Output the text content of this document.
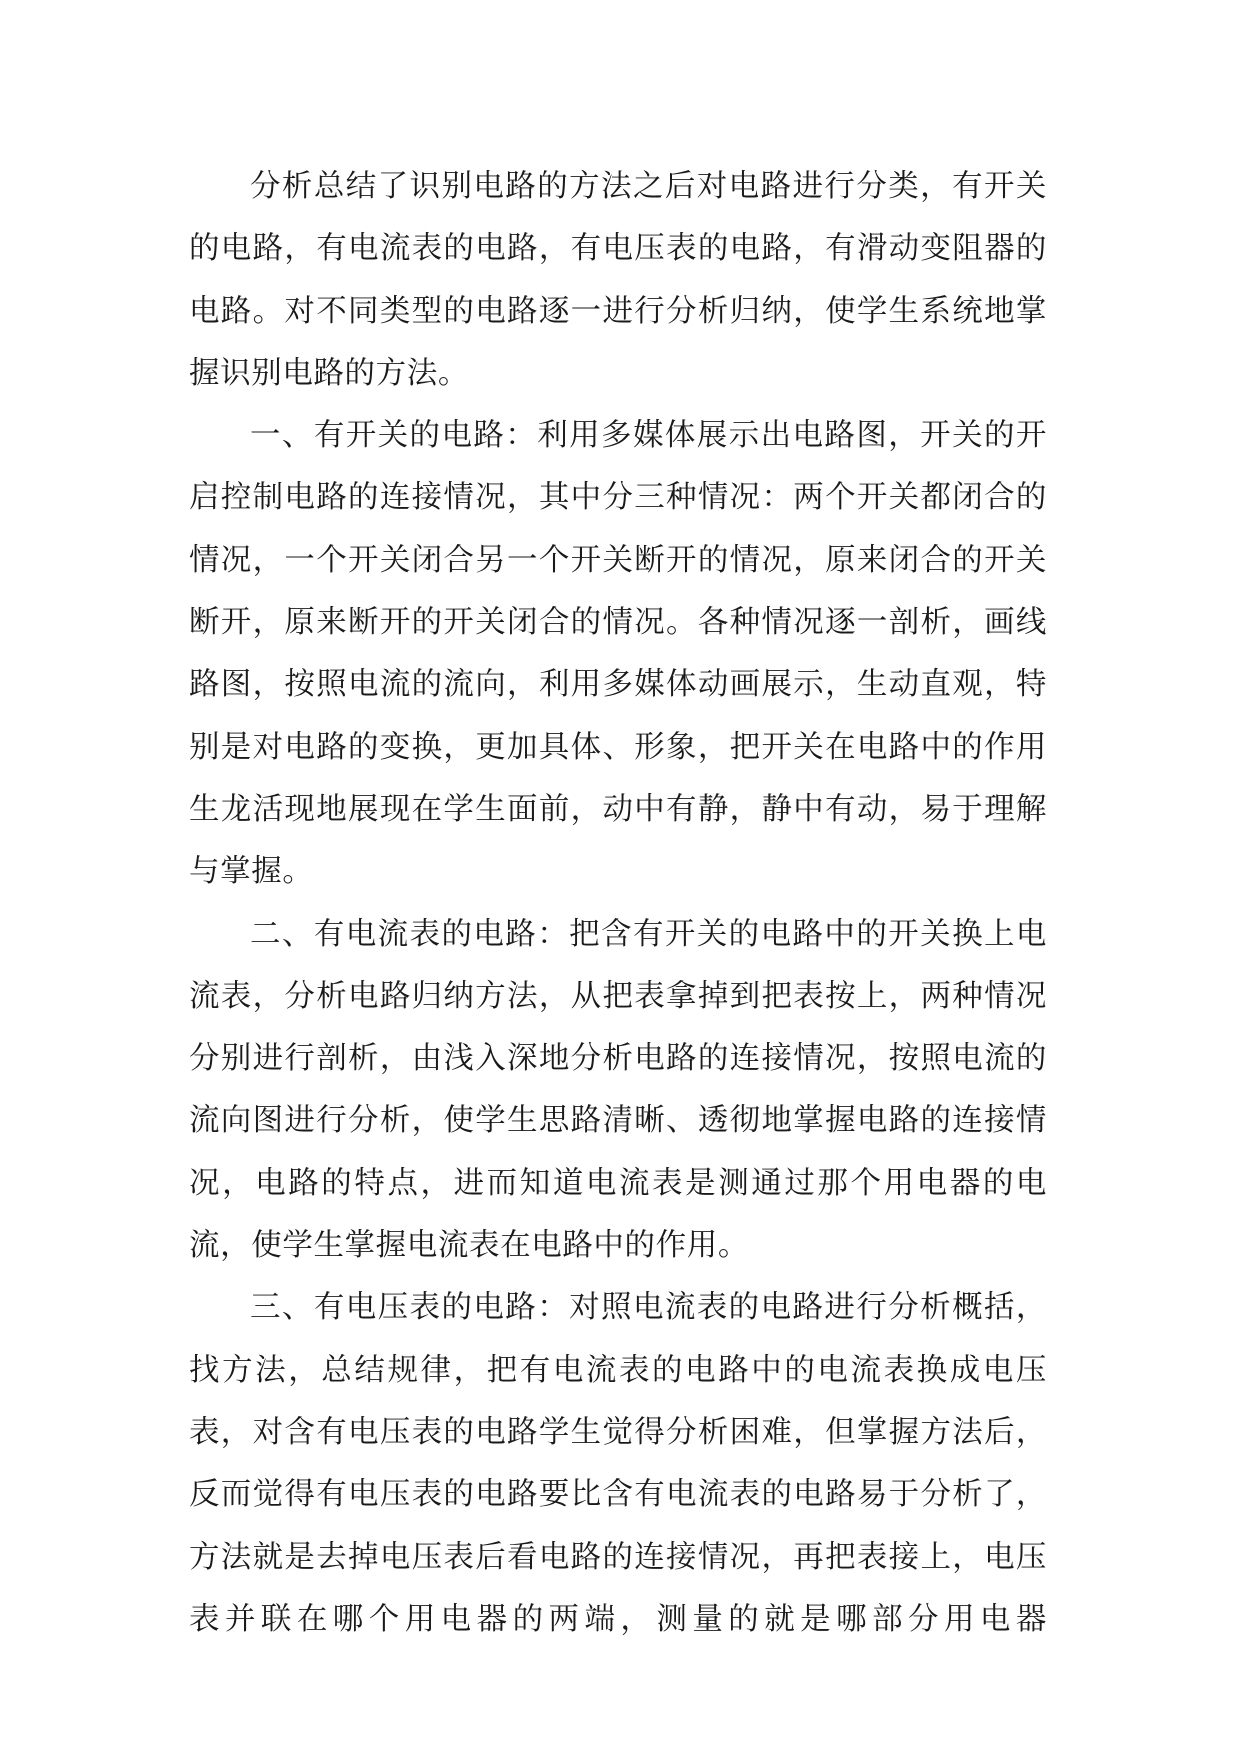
分析总结了识别电路的方法之后对电路进行分类，有开关的电路，有电流表的电路，有电压表的电路，有滑动变阻器的电路。对不同类型的电路逐一进行分析归纳，使学生系统地掌握识别电路的方法。

一、有开关的电路：利用多媒体展示出电路图，开关的开启控制电路的连接情况，其中分三种情况：两个开关都闭合的情况，一个开关闭合另一个开关断开的情况，原来闭合的开关断开，原来断开的开关闭合的情况。各种情况逐一剖析，画线路图，按照电流的流向，利用多媒体动画展示，生动直观，特别是对电路的变换，更加具体、形象，把开关在电路中的作用生龙活现地展现在学生面前，动中有静，静中有动，易于理解与掌握。

二、有电流表的电路：把含有开关的电路中的开关换上电流表，分析电路归纳方法，从把表拿掉到把表按上，两种情况分别进行剖析，由浅入深地分析电路的连接情况，按照电流的流向图进行分析，使学生思路清晰、透彻地掌握电路的连接情况，电路的特点，进而知道电流表是测通过那个用电器的电流，使学生掌握电流表在电路中的作用。

三、有电压表的电路：对照电流表的电路进行分析概括，找方法，总结规律，把有电流表的电路中的电流表换成电压表，对含有电压表的电路学生觉得分析困难，但掌握方法后，反而觉得有电压表的电路要比含有电流表的电路易于分析了，方法就是去掉电压表后看电路的连接情况，再把表接上，电压表并联在哪个用电器的两端，测量的就是哪部分用电器
